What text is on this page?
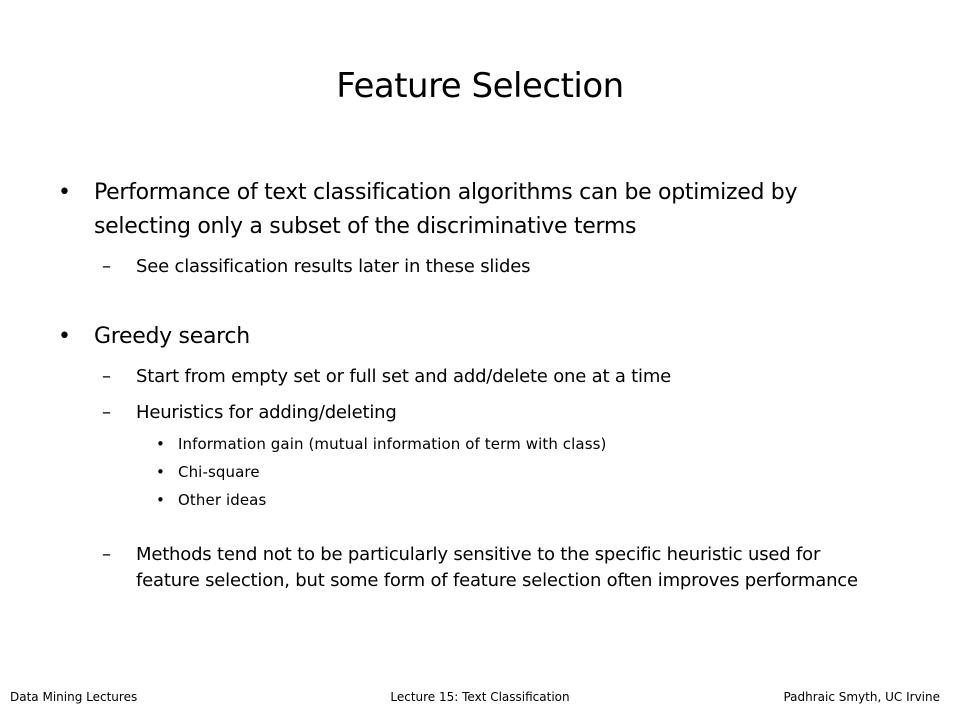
Feature Selection
• Performance of text classification algorithms can be optimized by selecting only a subset of the discriminative terms
– See classification results later in these slides
• Greedy search
– Start from empty set or full set and add/delete one at a time
– Heuristics for adding/deleting
• Information gain (mutual information of term with class)
• Chi-square
• Other ideas
– Methods tend not to be particularly sensitive to the specific heuristic used for feature selection, but some form of feature selection often improves performance
Data Mining Lectures	Lecture 15: Text Classification	Padhraic Smyth, UC Irvine
